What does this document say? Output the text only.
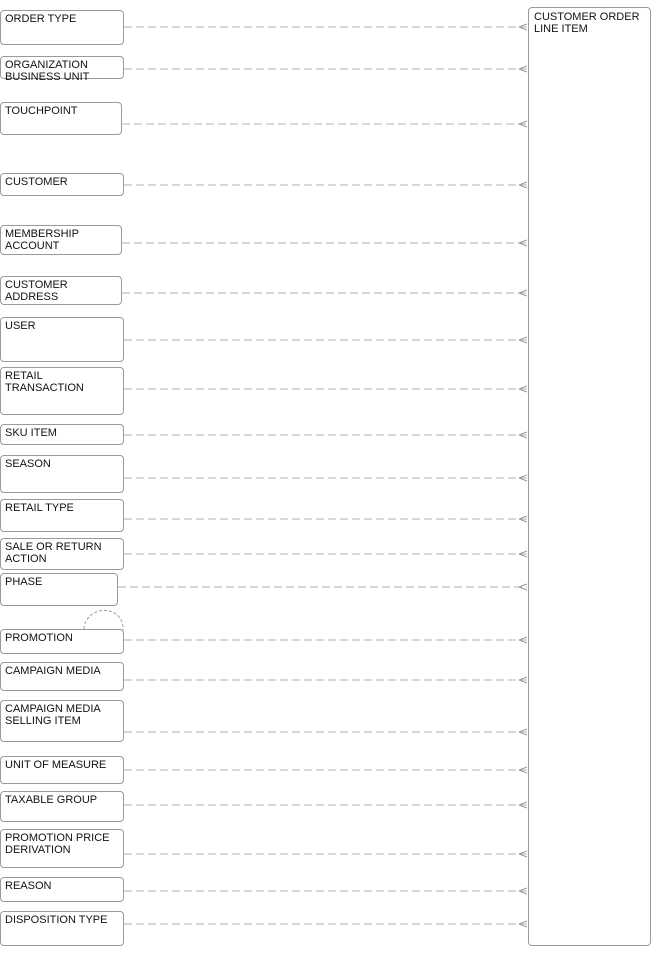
ORDER TYPE
ORGANIZATION
BUSINESS UNIT
TOUCHPOINT
CUSTOMER
MEMBERSHIP
ACCOUNT
CUSTOMER
ADDRESS
USER
RETAIL
TRANSACTION
SKU ITEM
SEASON
RETAIL TYPE
SALE OR RETURN
ACTION
PHASE
PROMOTION
CAMPAIGN MEDIA
CAMPAIGN MEDIA
SELLING ITEM
UNIT OF MEASURE
TAXABLE GROUP
PROMOTION PRICE
DERIVATION
REASON
DISPOSITION TYPE
CUSTOMER ORDER
LINE ITEM
